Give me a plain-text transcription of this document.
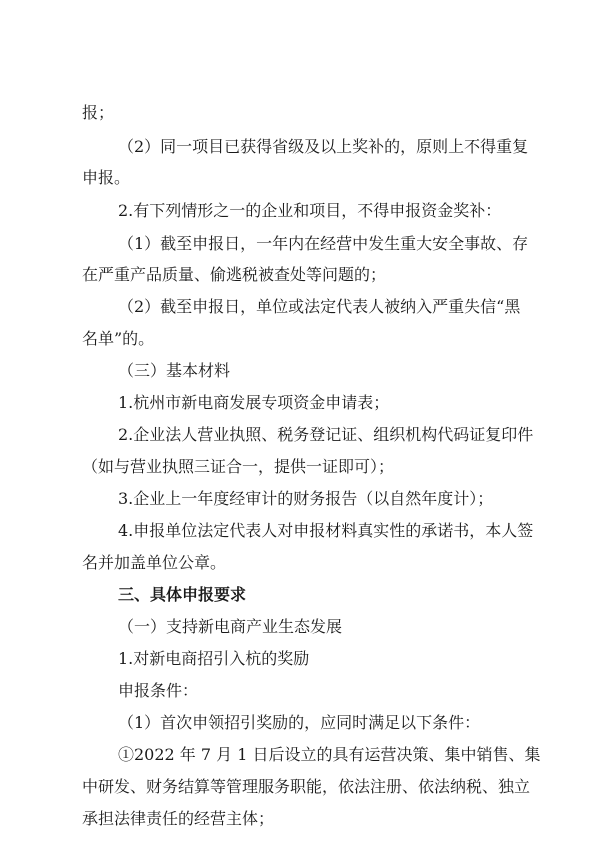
报；
（2）同一项目已获得省级及以上奖补的，原则上不得重复
申报。
2.有下列情形之一的企业和项目，不得申报资金奖补：
（1）截至申报日，一年内在经营中发生重大安全事故、存
在严重产品质量、偷逃税被查处等问题的；
（2）截至申报日，单位或法定代表人被纳入严重失信“黑
名单”的。
（三）基本材料
1.杭州市新电商发展专项资金申请表；
2.企业法人营业执照、税务登记证、组织机构代码证复印件
（如与营业执照三证合一，提供一证即可）；
3.企业上一年度经审计的财务报告（以自然年度计）；
4.申报单位法定代表人对申报材料真实性的承诺书，本人签
名并加盖单位公章。
三、具体申报要求
（一）支持新电商产业生态发展
1.对新电商招引入杭的奖励
申报条件：
（1）首次申领招引奖励的，应同时满足以下条件：
①2022 年 7 月 1 日后设立的具有运营决策、集中销售、集
中研发、财务结算等管理服务职能，依法注册、依法纳税、独立
承担法律责任的经营主体；
